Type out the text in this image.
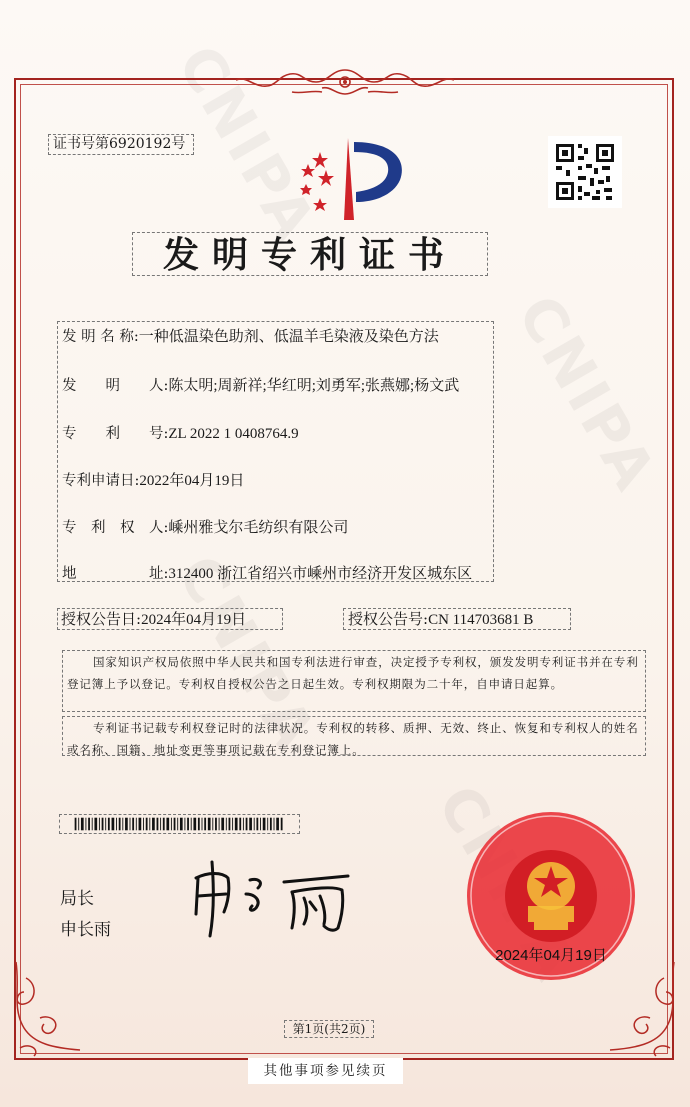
证书号第6920192号
发明专利证书
发 明 名 称:一种低温染色助剂、低温羊毛染液及染色方法
发　　明　　人:陈太明;周新祥;华红明;刘勇军;张燕娜;杨文武
专　　利　　号:ZL 2022 1 0408764.9
专利申请日:2022年04月19日
专　利　权　人:嵊州雅戈尔毛纺织有限公司
地　　　　　址:312400 浙江省绍兴市嵊州市经济开发区城东区
授权公告日:2024年04月19日	授权公告号:CN 114703681 B
国家知识产权局依照中华人民共和国专利法进行审查，决定授予专利权，颁发发明专利证书并在专利登记簿上予以登记。专利权自授权公告之日起生效。专利权期限为二十年，自申请日起算。
专利证书记载专利权登记时的法律状况。专利权的转移、质押、无效、终止、恢复和专利权人的姓名或名称、国籍、地址变更等事项记载在专利登记簿上。
局长
申长雨
2024年04月19日
第1页(共2页)
其他事项参见续页
